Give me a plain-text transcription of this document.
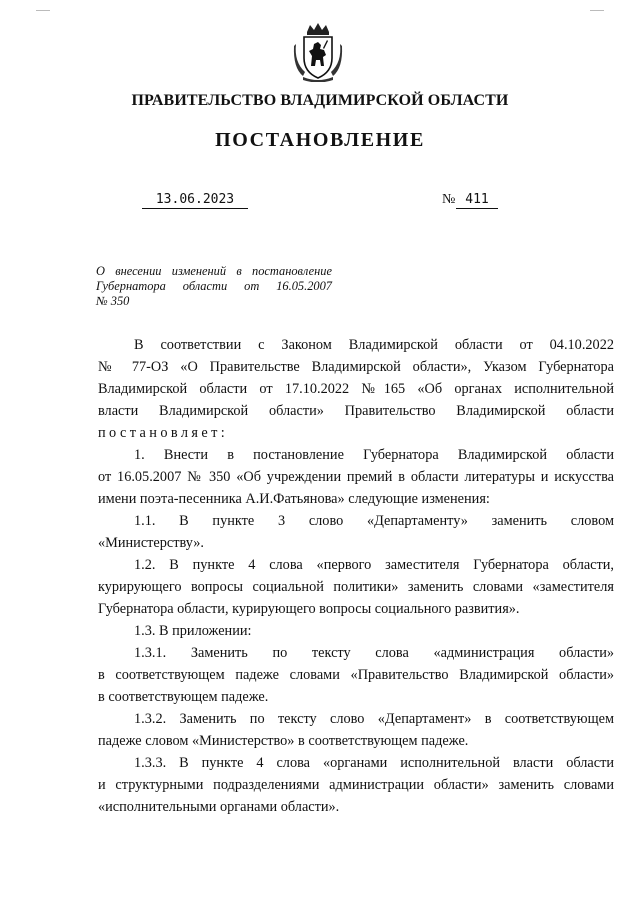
ПРАВИТЕЛЬСТВО ВЛАДИМИРСКОЙ ОБЛАСТИ
ПОСТАНОВЛЕНИЕ
13.06.2023	№ 411
О внесении изменений в постановление
Губернатора области от 16.05.2007
№ 350
В соответствии с Законом Владимирской области от 04.10.2022
№ 77-ОЗ «О Правительстве Владимирской области», Указом Губернатора
Владимирской области от 17.10.2022 №165 «Об органах исполнительной
власти Владимирской области» Правительство Владимирской области
постановляет:
1. Внести в постановление Губернатора Владимирской области
от 16.05.2007 № 350 «Об учреждении премий в области литературы и искусства
имени поэта-песенника А.И.Фатьянова» следующие изменения:
1.1. В пункте 3 слово «Департаменту» заменить словом
«Министерству».
1.2. В пункте 4 слова «первого заместителя Губернатора области,
курирующего вопросы социальной политики» заменить словами «заместителя
Губернатора области, курирующего вопросы социального развития».
1.3. В приложении:
1.3.1. Заменить по тексту слова «администрация области»
в соответствующем падеже словами «Правительство Владимирской области»
в соответствующем падеже.
1.3.2. Заменить по тексту слово «Департамент» в соответствующем
падеже словом «Министерство» в соответствующем падеже.
1.3.3. В пункте 4 слова «органами исполнительной власти области
и структурными подразделениями администрации области» заменить словами
«исполнительными органами области».
